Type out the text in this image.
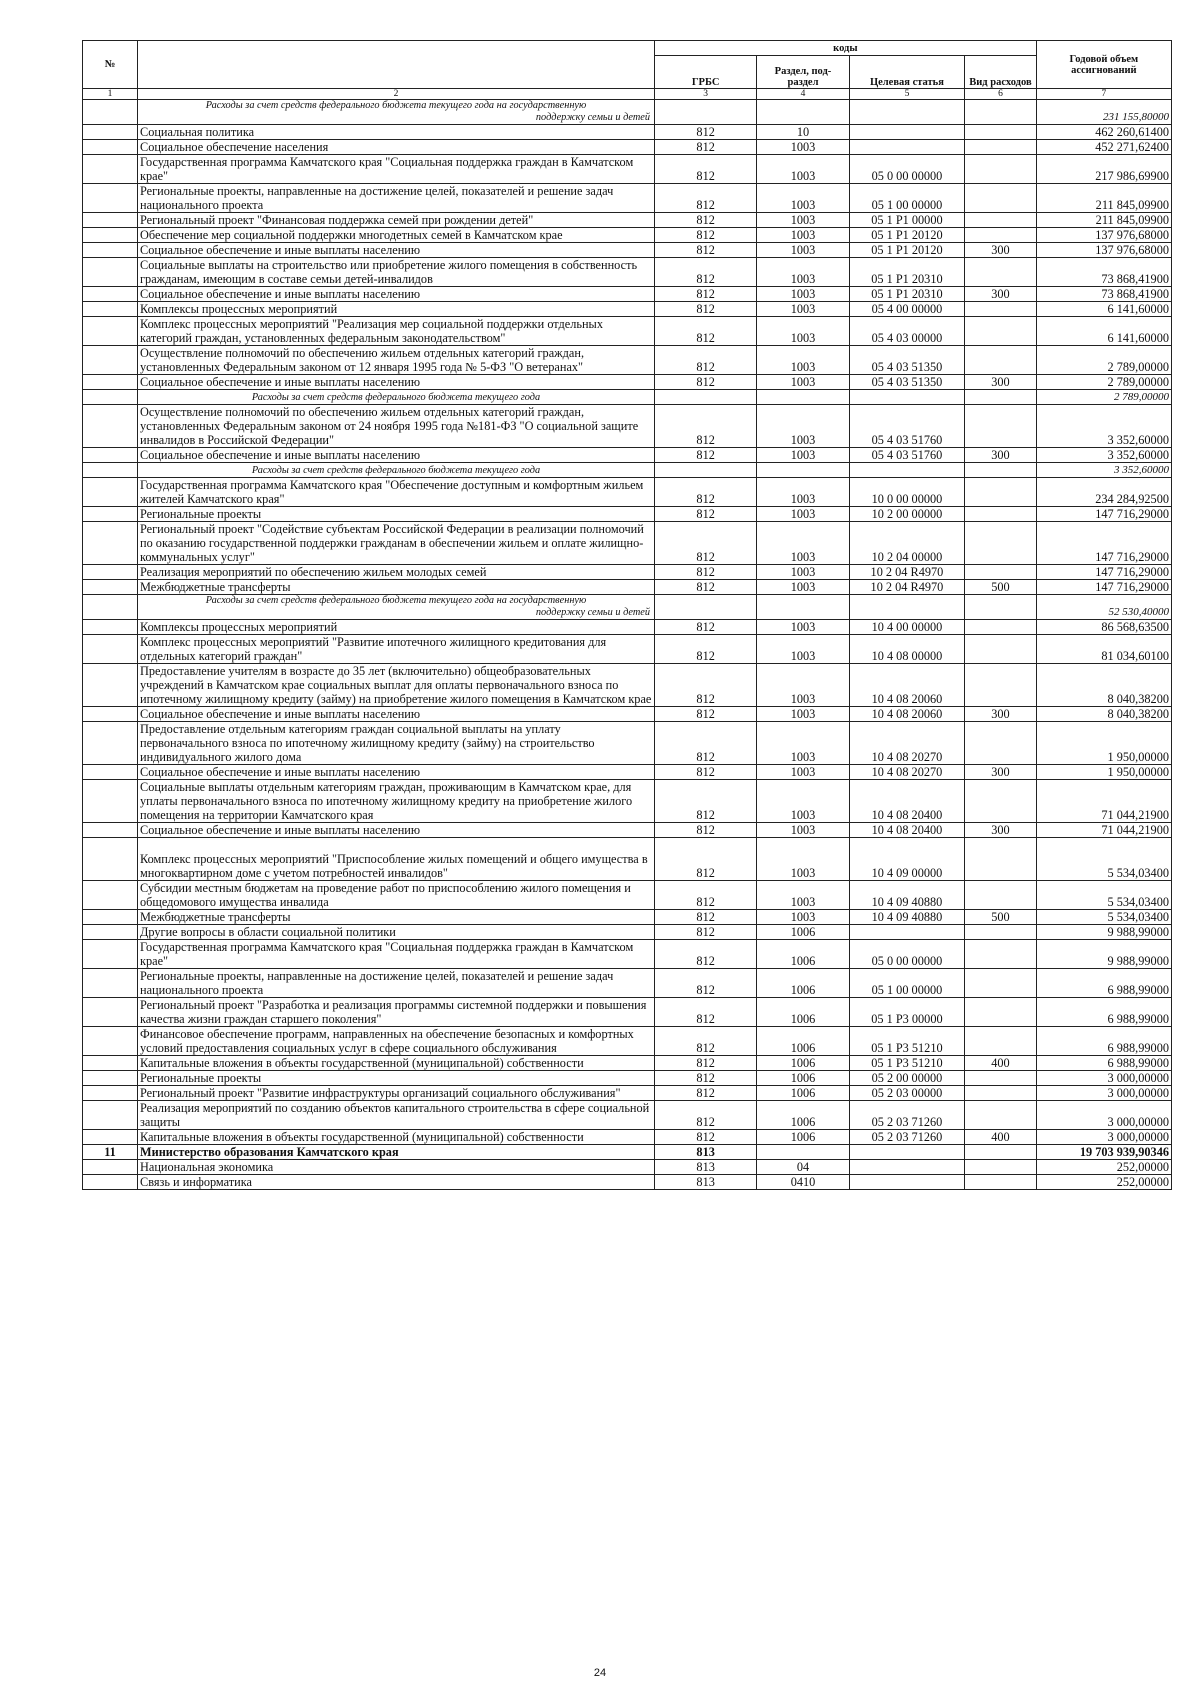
№		коды				Годовой объем ассигнований
		ГРБС	Раздел, под-раздел	Целевая статья	Вид расходов	
1	2	3	4	5	6	7

	Расходы за счет средств федерального бюджета текущего года на государственную
поддержку семьи и детей					231 155,80000
	Социальная политика	812	10			462 260,61400
	Социальное обеспечение населения	812	1003			452 271,62400
	Государственная программа Камчатского края "Социальная поддержка граждан в Камчатском крае"	812	1003	05 0 00 00000		217 986,69900
	Региональные проекты, направленные на достижение целей, показателей и решение задач национального проекта	812	1003	05 1 00 00000		211 845,09900
	Региональный проект "Финансовая поддержка семей при рождении детей"	812	1003	05 1 Р1 00000		211 845,09900
	Обеспечение мер социальной поддержки многодетных семей в Камчатском крае	812	1003	05 1 Р1 20120		137 976,68000
	Социальное обеспечение и иные выплаты населению	812	1003	05 1 Р1 20120	300	137 976,68000
	Социальные выплаты на строительство или приобретение жилого помещения в собственность гражданам, имеющим в составе семьи детей-инвалидов	812	1003	05 1 Р1 20310		73 868,41900
	Социальное обеспечение и иные выплаты населению	812	1003	05 1 Р1 20310	300	73 868,41900
	Комплексы процессных мероприятий	812	1003	05 4 00 00000		6 141,60000
	Комплекс процессных мероприятий "Реализация мер социальной поддержки отдельных категорий граждан, установленных федеральным законодательством"	812	1003	05 4 03 00000		6 141,60000
	Осуществление полномочий по обеспечению жильем отдельных категорий граждан, установленных Федеральным законом от 12 января 1995 года № 5-ФЗ "О ветеранах"	812	1003	05 4 03 51350		2 789,00000
	Социальное обеспечение и иные выплаты населению	812	1003	05 4 03 51350	300	2 789,00000
	Расходы за счет средств федерального бюджета текущего года					2 789,00000
	Осуществление полномочий по обеспечению жильем отдельных категорий граждан, установленных Федеральным законом от 24 ноября 1995 года №181-ФЗ "О социальной защите инвалидов в Российской Федерации"	812	1003	05 4 03 51760		3 352,60000
	Социальное обеспечение и иные выплаты населению	812	1003	05 4 03 51760	300	3 352,60000
	Расходы за счет средств федерального бюджета текущего года					3 352,60000
	Государственная программа Камчатского края "Обеспечение доступным и комфортным жильем жителей Камчатского края"	812	1003	10 0 00 00000		234 284,92500
	Региональные проекты	812	1003	10 2 00 00000		147 716,29000
	Региональный проект "Содействие субъектам Российской Федерации в реализации полномочий по оказанию государственной поддержки гражданам в обеспечении жильем и оплате жилищно-коммунальных услуг"	812	1003	10 2 04 00000		147 716,29000
	Реализация мероприятий по обеспечению жильем молодых семей	812	1003	10 2 04 R4970		147 716,29000
	Межбюджетные трансферты	812	1003	10 2 04 R4970	500	147 716,29000

	Расходы за счет средств федерального бюджета текущего года на государственную
поддержку семьи и детей					52 530,40000
	Комплексы процессных мероприятий	812	1003	10 4 00 00000		86 568,63500
	Комплекс процессных мероприятий "Развитие ипотечного жилищного кредитования для отдельных категорий граждан"	812	1003	10 4 08 00000		81 034,60100
	Предоставление учителям в возрасте до 35 лет (включительно) общеобразовательных учреждений в Камчатском крае социальных выплат для оплаты первоначального взноса по ипотечному жилищному кредиту (займу) на приобретение жилого помещения в Камчатском крае	812	1003	10 4 08 20060		8 040,38200
	Социальное обеспечение и иные выплаты населению	812	1003	10 4 08 20060	300	8 040,38200
	Предоставление отдельным категориям граждан социальной выплаты на уплату первоначального взноса по ипотечному жилищному кредиту (займу) на строительство индивидуального жилого дома	812	1003	10 4 08 20270		1 950,00000
	Социальное обеспечение и иные выплаты населению	812	1003	10 4 08 20270	300	1 950,00000
	Социальные выплаты отдельным категориям граждан, проживающим в Камчатском крае, для уплаты первоначального взноса по ипотечному жилищному кредиту на приобретение жилого помещения на территории Камчатского края	812	1003	10 4 08 20400		71 044,21900
	Социальное обеспечение и иные выплаты населению	812	1003	10 4 08 20400	300	71 044,21900
	Комплекс процессных мероприятий "Приспособление жилых помещений и общего имущества в многоквартирном доме с учетом потребностей инвалидов"	812	1003	10 4 09 00000		5 534,03400
	Субсидии местным бюджетам на проведение работ по приспособлению жилого помещения и общедомового имущества инвалида	812	1003	10 4 09 40880		5 534,03400
	Межбюджетные трансферты	812	1003	10 4 09 40880	500	5 534,03400
	Другие вопросы в области социальной политики	812	1006			9 988,99000
	Государственная программа Камчатского края "Социальная поддержка граждан в Камчатском крае"	812	1006	05 0 00 00000		9 988,99000
	Региональные проекты, направленные на достижение целей, показателей и решение задач национального проекта	812	1006	05 1 00 00000		6 988,99000
	Региональный проект "Разработка и реализация программы системной поддержки и повышения качества жизни граждан старшего поколения"	812	1006	05 1 Р3 00000		6 988,99000
	Финансовое обеспечение программ, направленных на обеспечение безопасных и комфортных условий предоставления социальных услуг в сфере социального обслуживания	812	1006	05 1 Р3 51210		6 988,99000
	Капитальные вложения в объекты государственной (муниципальной) собственности	812	1006	05 1 Р3 51210	400	6 988,99000
	Региональные проекты	812	1006	05 2 00 00000		3 000,00000
	Региональный проект "Развитие инфраструктуры организаций социального обслуживания"	812	1006	05 2 03 00000		3 000,00000
	Реализация мероприятий по созданию объектов капитального строительства в сфере социальной защиты	812	1006	05 2 03 71260		3 000,00000
	Капитальные вложения в объекты государственной (муниципальной) собственности	812	1006	05 2 03 71260	400	3 000,00000
11	Министерство образования Камчатского края	813				19 703 939,90346
	Национальная экономика	813	04			252,00000
	Связь и информатика	813	0410			252,00000
24
